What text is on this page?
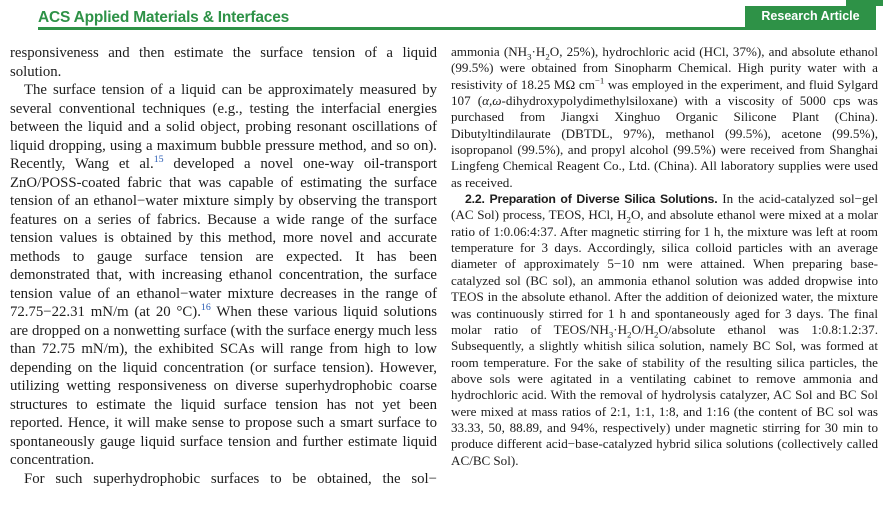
ACS Applied Materials & Interfaces	Research Article

responsiveness and then estimate the surface tension of a liquid solution.

The surface tension of a liquid can be approximately measured by several conventional techniques (e.g., testing the interfacial energies between the liquid and a solid object, probing resonant oscillations of liquid dropping, using a maximum bubble pressure method, and so on). Recently, Wang et al.$^{15}$ developed a novel one-way oil-transport ZnO/POSS-coated fabric that was capable of estimating the surface tension of an ethanol−water mixture simply by observing the transport features on a series of fabrics. Because a wide range of the surface tension values is obtained by this method, more novel and accurate methods to gauge surface tension are expected. It has been demonstrated that, with increasing ethanol concentration, the surface tension value of an ethanol−water mixture decreases in the range of 72.75−22.31 mN/m (at 20 °C).$^{16}$ When these various liquid solutions are dropped on a nonwetting surface (with the surface energy much less than 72.75 mN/m), the exhibited SCAs will range from high to low depending on the liquid concentration (or surface tension). However, utilizing wetting responsiveness on diverse superhydrophobic coarse structures to estimate the liquid surface tension has not yet been reported. Hence, it will make sense to propose such a smart surface to spontaneously gauge liquid surface tension and further estimate liquid concentration.

For such superhydrophobic surfaces to be obtained, the sol−

ammonia ($NH_3\cdot H_2O$, 25%), hydrochloric acid (HCl, 37%), and absolute ethanol (99.5%) were obtained from Sinopharm Chemical. High purity water with a resistivity of 18.25 MΩ $cm^{-1}$ was employed in the experiment, and fluid Sylgard 107 (α,ω-dihydroxypolydimethylsiloxane) with a viscosity of 5000 cps was purchased from Jiangxi Xinghuo Organic Silicone Plant (China). Dibutyltindilaurate (DBTDL, 97%), methanol (99.5%), acetone (99.5%), isopropanol (99.5%), and propyl alcohol (99.5%) were received from Shanghai Lingfeng Chemical Reagent Co., Ltd. (China). All laboratory supplies were used as received.

2.2. Preparation of Diverse Silica Solutions. In the acid-catalyzed sol−gel (AC Sol) process, TEOS, HCl, $H_2O$, and absolute ethanol were mixed at a molar ratio of 1:0.06:4:37. After magnetic stirring for 1 h, the mixture was left at room temperature for 3 days. Accordingly, silica colloid particles with an average diameter of approximately 5−10 nm were attained. When preparing base-catalyzed sol (BC sol), an ammonia ethanol solution was added dropwise into TEOS in the absolute ethanol. After the addition of deionized water, the mixture was continuously stirred for 1 h and spontaneously aged for 3 days. The final molar ratio of TEOS/$NH_3\cdot H_2O/H_2O$/absolute ethanol was 1:0.8:1.2:37. Subsequently, a slightly whitish silica solution, namely BC Sol, was formed at room temperature. For the sake of stability of the resulting silica particles, the above sols were agitated in a ventilating cabinet to remove ammonia and hydrochloric acid. With the removal of hydrolysis catalyzer, AC Sol and BC Sol were mixed at mass ratios of 2:1, 1:1, 1:8, and 1:16 (the content of BC sol was 33.33, 50, 88.89, and 94%, respectively) under magnetic stirring for 30 min to produce different acid−base-catalyzed hybrid silica solutions (collectively called AC/BC Sol).
